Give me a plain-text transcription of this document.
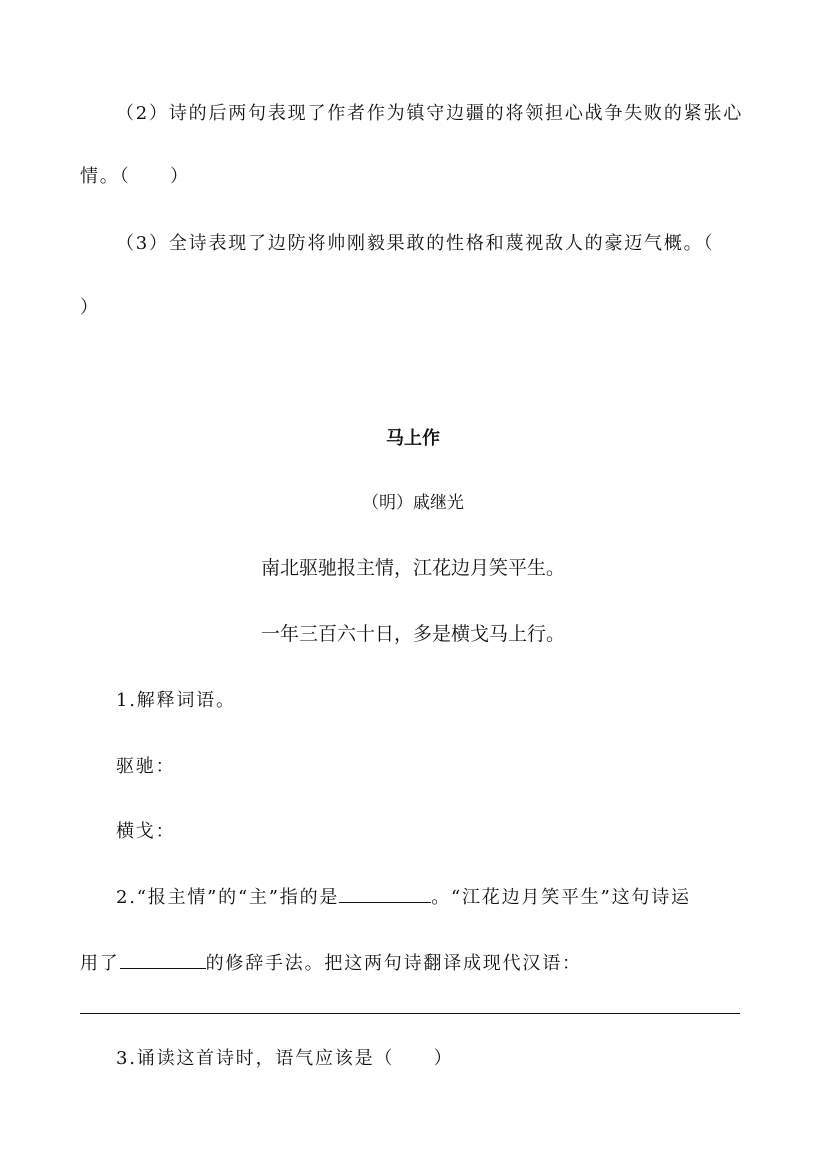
（2）诗的后两句表现了作者作为镇守边疆的将领担心战争失败的紧张心
情。（　　）
（3）全诗表现了边防将帅刚毅果敢的性格和蔑视敌人的豪迈气概。（
）
马上作
（明）戚继光
南北驱驰报主情，江花边月笑平生。
一年三百六十日，多是横戈马上行。
1.解释词语。
驱驰：
横戈：
2.“报主情”的“主”指的是	。“江花边月笑平生”这句诗运
用了	的修辞手法。把这两句诗翻译成现代汉语：
3.诵读这首诗时，语气应该是（　　）
